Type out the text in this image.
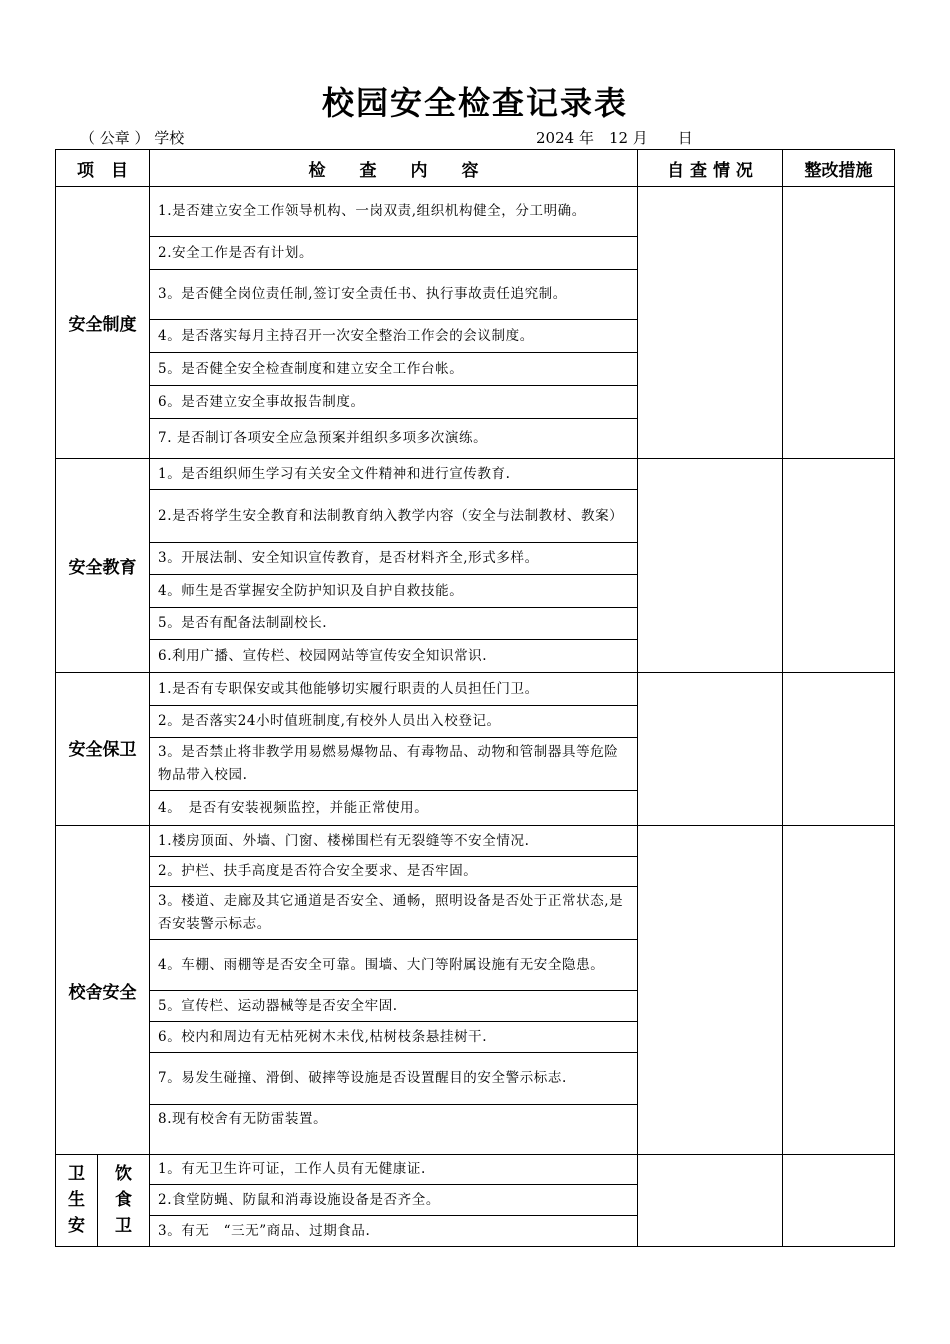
校园安全检查记录表
（ 公章 ） 学校	2024 年　12 月　　日
项　目		检　　查　　内　　容	自 查 情 况	整改措施
安全制度		1.是否建立安全工作领导机构、一岗双责,组织机构健全，分工明确。		
		2.安全工作是否有计划。		
		3。是否健全岗位责任制,签订安全责任书、执行事故责任追究制。		
		4。是否落实每月主持召开一次安全整治工作会的会议制度。		
		5。是否健全安全检查制度和建立安全工作台帐。		
		6。是否建立安全事故报告制度。		
		7. 是否制订各项安全应急预案并组织多项多次演练。		
安全教育		1。是否组织师生学习有关安全文件精神和进行宣传教育.		
		2.是否将学生安全教育和法制教育纳入教学内容（安全与法制教材、教案）		
		3。开展法制、安全知识宣传教育，是否材料齐全,形式多样。		
		4。师生是否掌握安全防护知识及自护自救技能。		
		5。是否有配备法制副校长.		
		6.利用广播、宣传栏、校园网站等宣传安全知识常识.		
安全保卫		1.是否有专职保安或其他能够切实履行职责的人员担任门卫。		
		2。是否落实24小时值班制度,有校外人员出入校登记。		
		3。是否禁止将非教学用易燃易爆物品、有毒物品、动物和管制器具等危险物品带入校园.		
		4。　是否有安装视频监控，并能正常使用。		
校舍安全		1.楼房顶面、外墙、门窗、楼梯围栏有无裂缝等不安全情况.		
		2。护栏、扶手高度是否符合安全要求、是否牢固。		
		3。楼道、走廊及其它通道是否安全、通畅，照明设备是否处于正常状态,是否安装警示标志。		
		4。车棚、雨棚等是否安全可靠。围墙、大门等附属设施有无安全隐患。		
		5。宣传栏、运动器械等是否安全牢固.		
		6。校内和周边有无枯死树木未伐,枯树枝条悬挂树干.		
		7。易发生碰撞、滑倒、破摔等设施是否设置醒目的安全警示标志.		
		8.现有校舍有无防雷装置。		
卫生安	饮食卫	1。有无卫生许可证，工作人员有无健康证.		
		2.食堂防蝇、防鼠和消毒设施设备是否齐全。		
		3。有无　“三无”商品、过期食品.		
